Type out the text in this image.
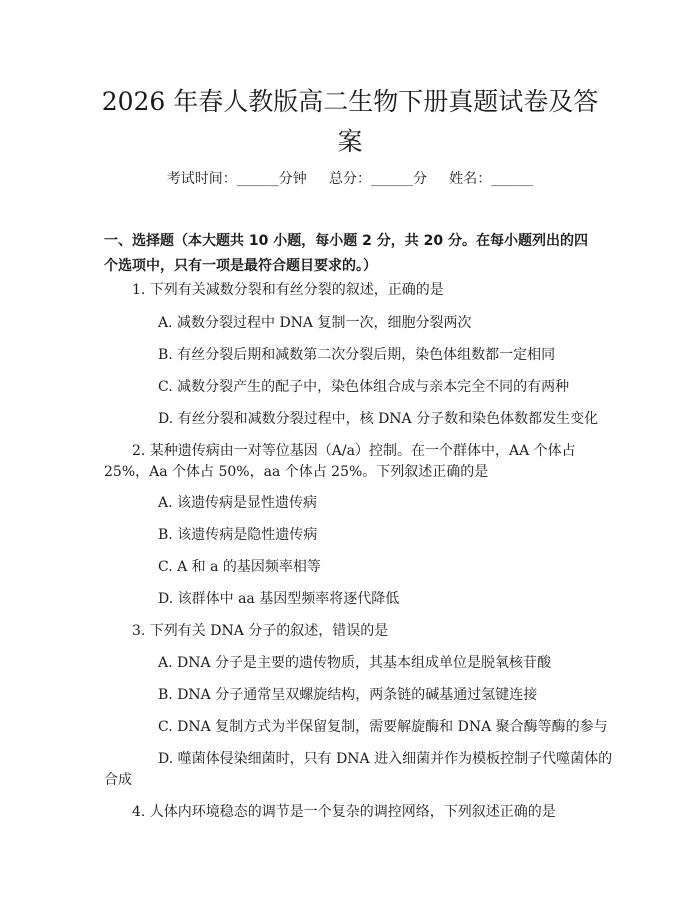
2026 年春人教版高二生物下册真题试卷及答案
考试时间：______分钟     总分：______分     姓名：______
一、选择题（本大题共 10 小题，每小题 2 分，共 20 分。在每小题列出的四个选项中，只有一项是最符合题目要求的。）
1. 下列有关减数分裂和有丝分裂的叙述，正确的是
A. 减数分裂过程中 DNA 复制一次，细胞分裂两次
B. 有丝分裂后期和减数第二次分裂后期，染色体组数都一定相同
C. 减数分裂产生的配子中，染色体组合成与亲本完全不同的有两种
D. 有丝分裂和减数分裂过程中，核 DNA 分子数和染色体数都发生变化
2. 某种遗传病由一对等位基因（A/a）控制。在一个群体中，AA 个体占
25%，Aa 个体占 50%，aa 个体占 25%。下列叙述正确的是
A. 该遗传病是显性遗传病
B. 该遗传病是隐性遗传病
C. A 和 a 的基因频率相等
D. 该群体中 aa 基因型频率将逐代降低
3. 下列有关 DNA 分子的叙述，错误的是
A. DNA 分子是主要的遗传物质，其基本组成单位是脱氧核苷酸
B. DNA 分子通常呈双螺旋结构，两条链的碱基通过氢键连接
C. DNA 复制方式为半保留复制，需要解旋酶和 DNA 聚合酶等酶的参与
D. 噬菌体侵染细菌时，只有 DNA 进入细菌并作为模板控制子代噬菌体的
合成
4. 人体内环境稳态的调节是一个复杂的调控网络，下列叙述正确的是
